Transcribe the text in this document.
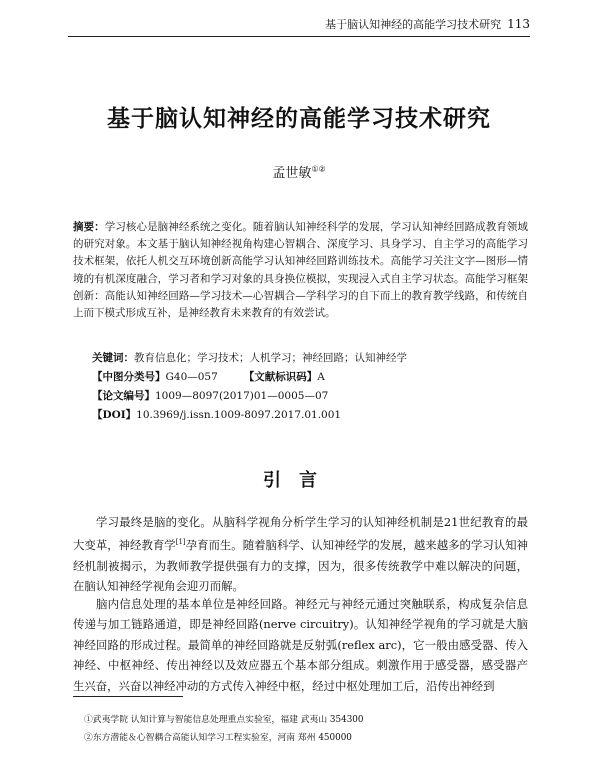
基于脑认知神经的高能学习技术研究 113
基于脑认知神经的高能学习技术研究
孟世敏①②
摘要：学习核心是脑神经系统之变化。随着脑认知神经科学的发展，学习认知神经回路成教育领域的研究对象。本文基于脑认知神经视角构建心智耦合、深度学习、具身学习、自主学习的高能学习技术框架，依托人机交互环境创新高能学习认知神经回路训练技术。高能学习关注文字—图形—情境的有机深度融合，学习者和学习对象的具身换位模拟，实现浸入式自主学习状态。高能学习框架创新：高能认知神经回路—学习技术—心智耦合—学科学习的自下而上的教育教学线路，和传统自上而下模式形成互补，是神经教育未来教育的有效尝试。
关键词：教育信息化；学习技术；人机学习；神经回路；认知神经学
【中图分类号】G40—057 【文献标识码】A
【论文编号】1009—8097(2017)01—0005—07
【DOI】10.3969/j.issn.1009-8097.2017.01.001
引言
学习最终是脑的变化。从脑科学视角分析学生学习的认知神经机制是21世纪教育的最大变革，神经教育学[1]孕育而生。随着脑科学、认知神经学的发展，越来越多的学习认知神经机制被揭示，为教师教学提供强有力的支撑，因为，很多传统教学中难以解决的问题，在脑认知神经学视角会迎刃而解。
脑内信息处理的基本单位是神经回路。神经元与神经元通过突触联系，构成复杂信息传递与加工链路通道，即是神经回路(nerve circuitry)。认知神经学视角的学习就是大脑神经回路的形成过程。最简单的神经回路就是反射弧(reflex arc)，它一般由感受器、传入神经、中枢神经、传出神经以及效应器五个基本部分组成。刺激作用于感受器，感受器产生兴奋，兴奋以神经冲动的方式传入神经中枢，经过中枢处理加工后，沿传出神经到
①武夷学院 认知计算与智能信息处理重点实验室，福建 武夷山 354300
②东方潜能＆心智耦合高能认知学习工程实验室，河南 郑州 450000
